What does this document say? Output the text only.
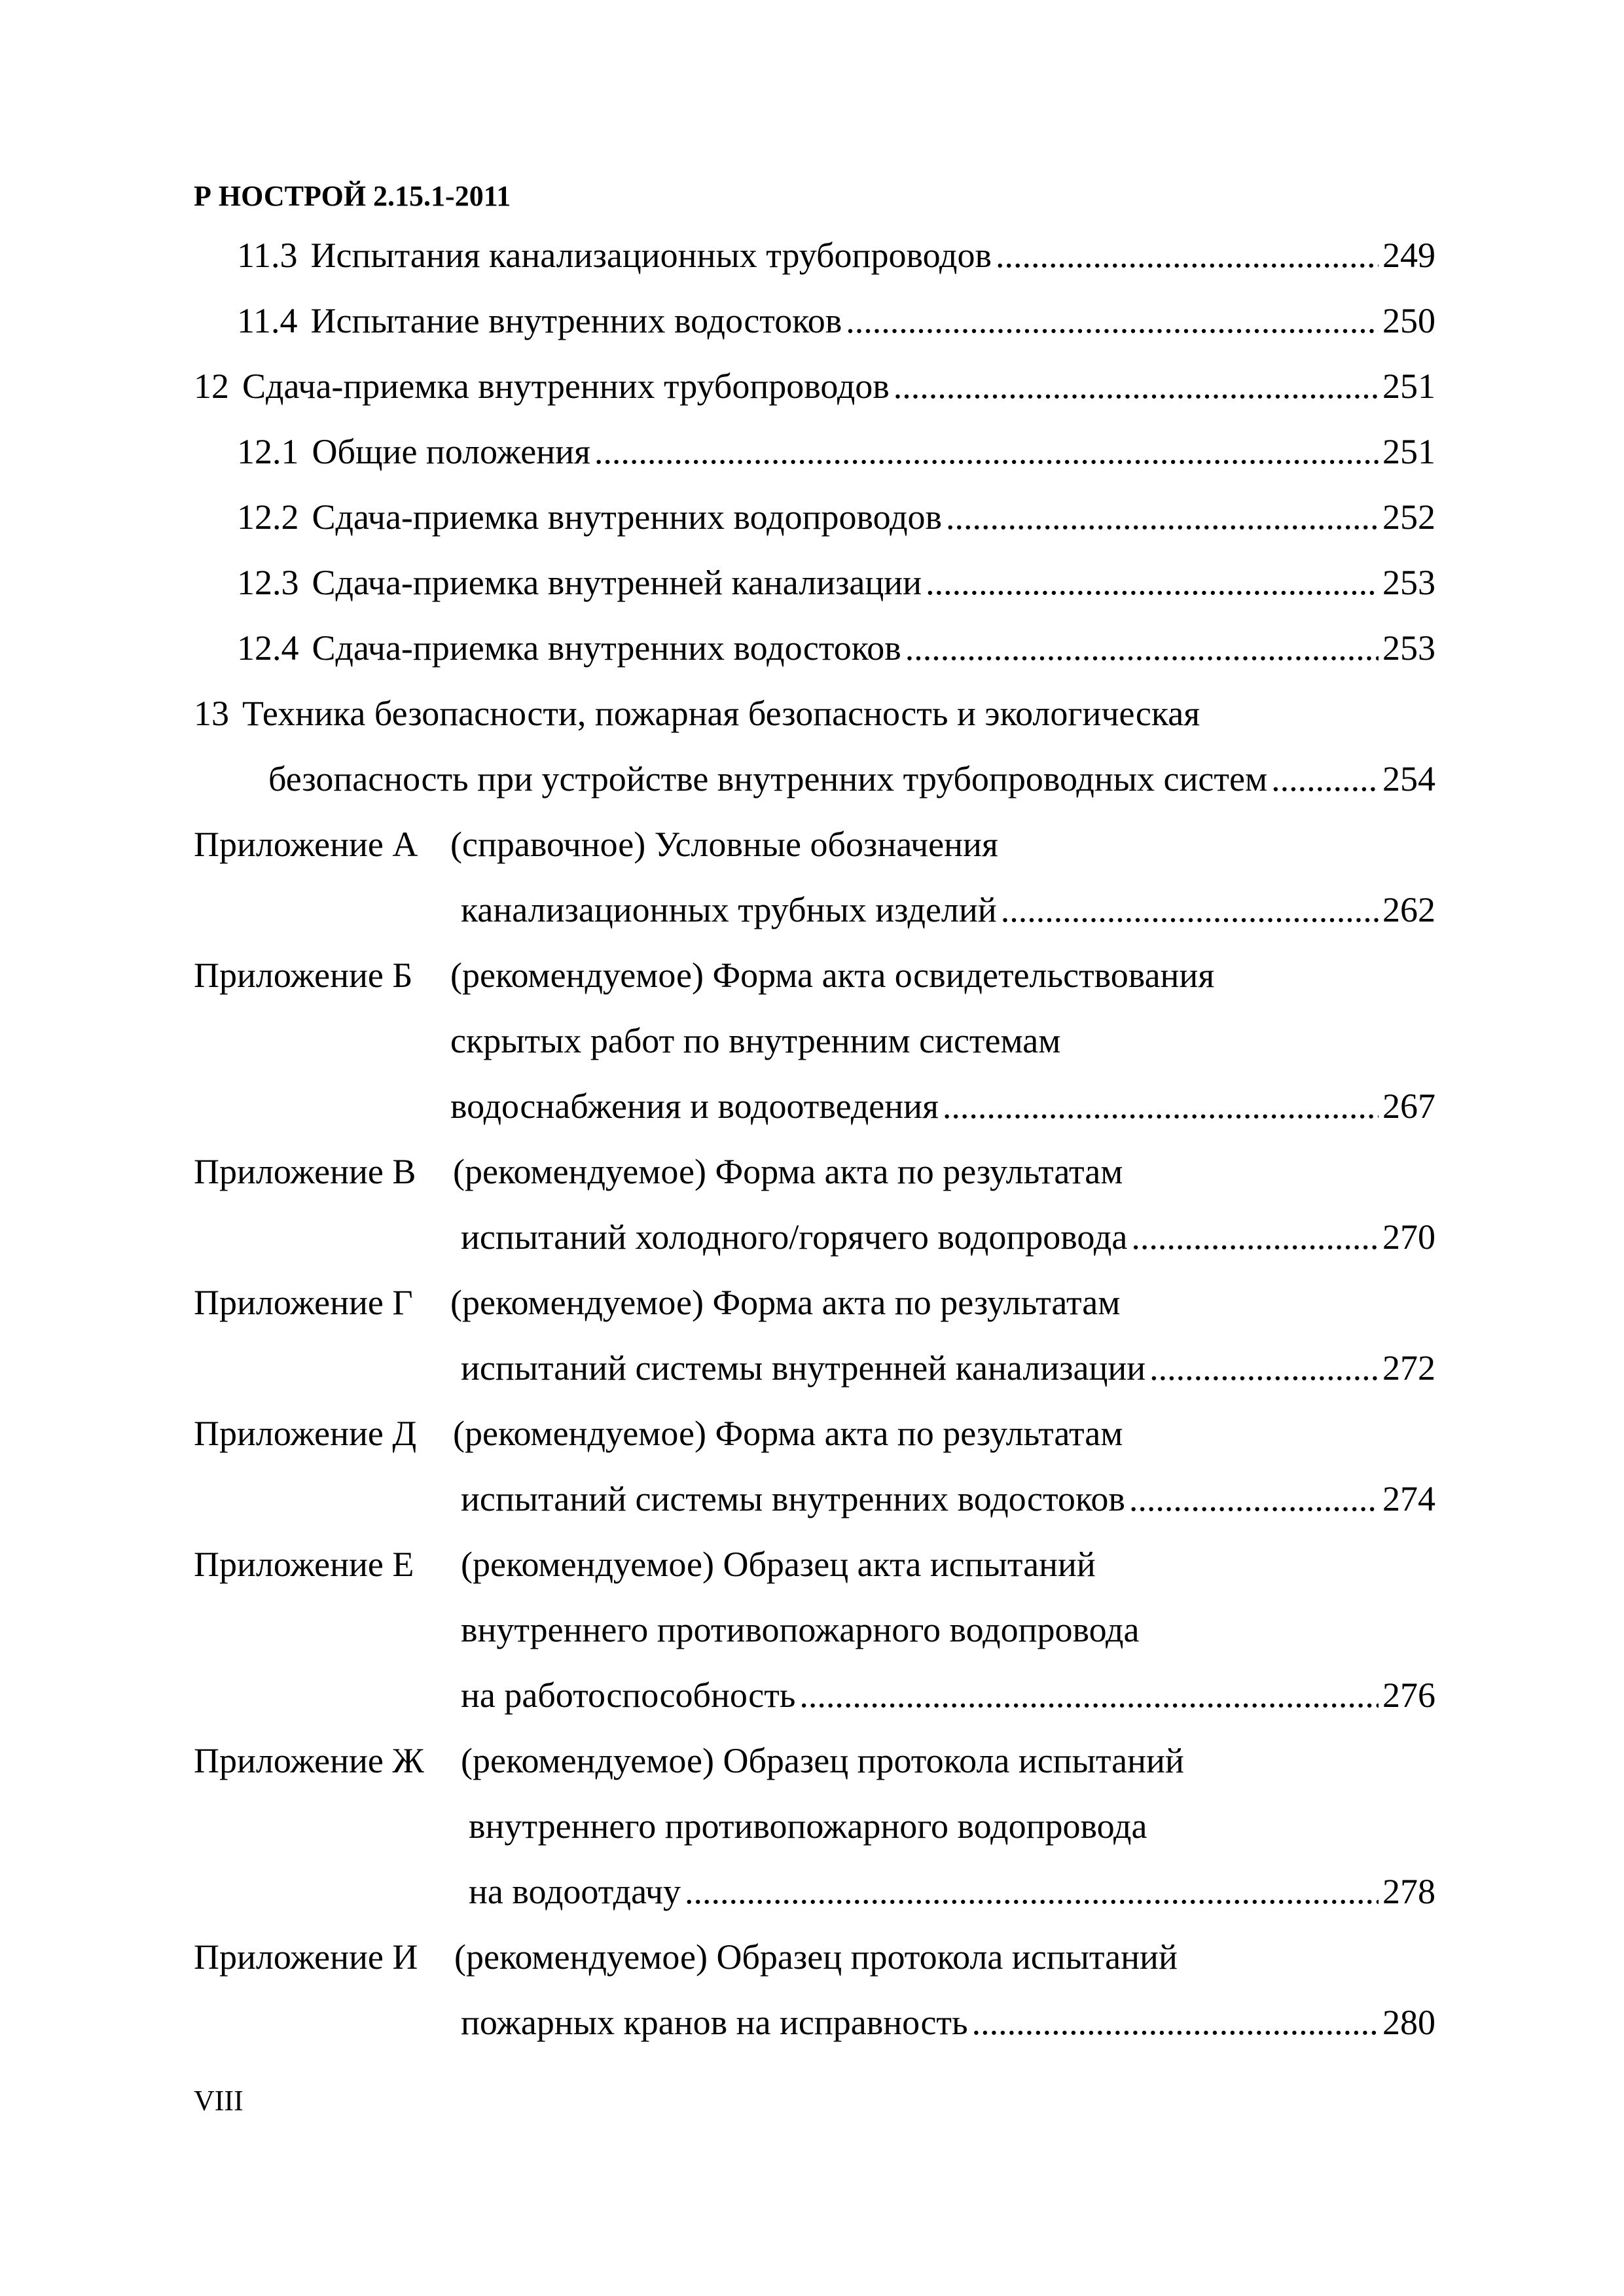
Р НОСТРОЙ 2.15.1-2011
11.3 Испытания канализационных трубопроводов .....	249
11.4 Испытание внутренних водостоков .....	250
12 Сдача-приемка внутренних трубопроводов .....	251
12.1 Общие положения .....	251
12.2 Сдача-приемка внутренних водопроводов .....	252
12.3 Сдача-приемка внутренней канализации .....	253
12.4 Сдача-приемка внутренних водостоков .....	253
13 Техника безопасности, пожарная безопасность и экологическая
безопасность при устройстве внутренних трубопроводных систем .....	254
Приложение А (справочное) Условные обозначения
канализационных трубных изделий .....	262
Приложение Б (рекомендуемое) Форма акта освидетельствования
скрытых работ по внутренним системам
водоснабжения и водоотведения .....	267
Приложение В (рекомендуемое) Форма акта по результатам
испытаний холодного/горячего водопровода .....	270
Приложение Г (рекомендуемое) Форма акта по результатам
испытаний системы внутренней канализации .....	272
Приложение Д (рекомендуемое) Форма акта по результатам
испытаний системы внутренних водостоков .....	274
Приложение Е (рекомендуемое) Образец акта испытаний
внутреннего противопожарного водопровода
на работоспособность .....	276
Приложение Ж (рекомендуемое) Образец протокола испытаний
внутреннего противопожарного водопровода
на водоотдачу .....	278
Приложение И (рекомендуемое) Образец протокола испытаний
пожарных кранов на исправность .....	280
VIII
